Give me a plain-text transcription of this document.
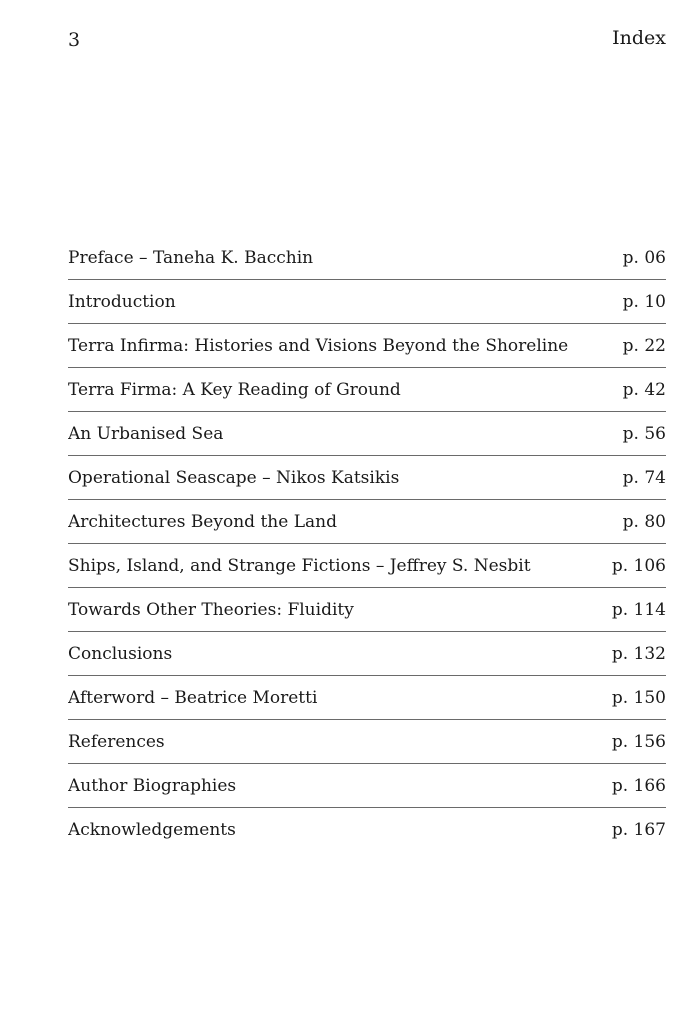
3	Index
Preface – Taneha K. Bacchin	p. 06
Introduction	p. 10
Terra Infirma: Histories and Visions Beyond the Shoreline	p. 22
Terra Firma: A Key Reading of Ground	p. 42
An Urbanised Sea	p. 56
Operational Seascape – Nikos Katsikis	p. 74
Architectures Beyond the Land	p. 80
Ships, Island, and Strange Fictions – Jeffrey S. Nesbit	p. 106
Towards Other Theories: Fluidity	p. 114
Conclusions	p. 132
Afterword – Beatrice Moretti	p. 150
References	p. 156
Author Biographies	p. 166
Acknowledgements	p. 167
